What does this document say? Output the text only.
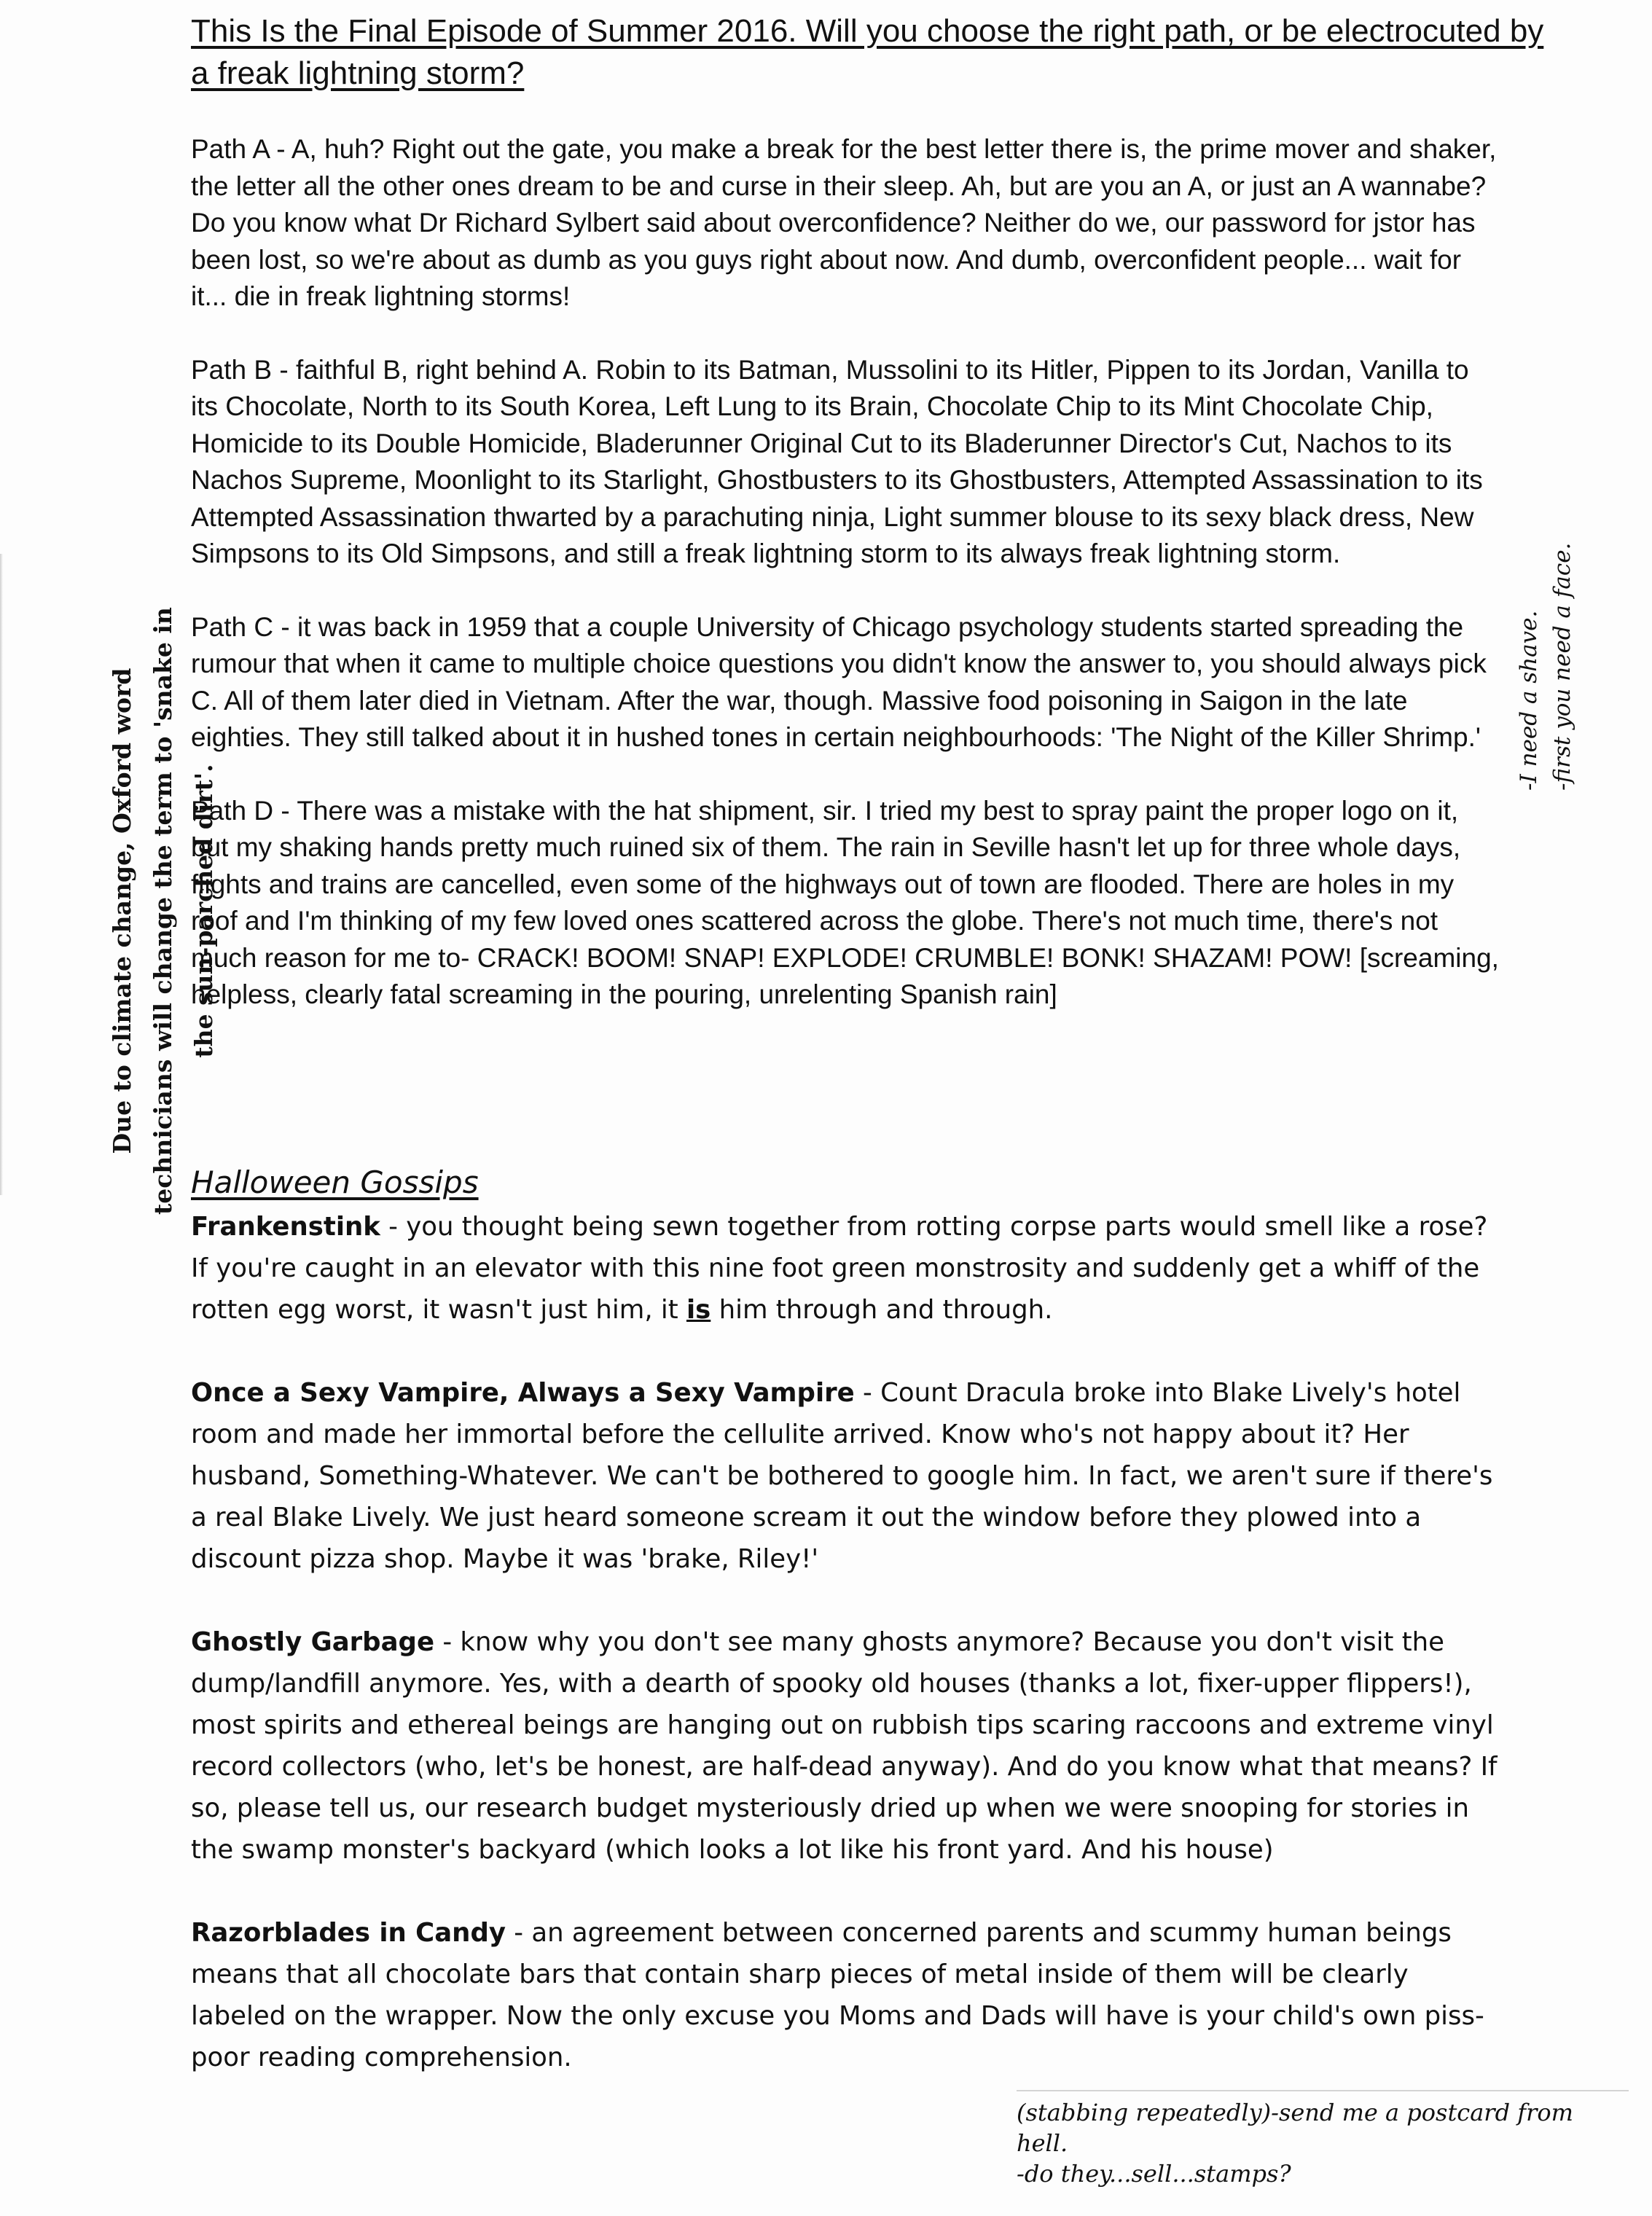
This Is the Final Episode of Summer 2016. Will you choose the right path, or be electrocuted by a freak lightning storm?

Path A - A, huh? Right out the gate, you make a break for the best letter there is, the prime mover and shaker, the letter all the other ones dream to be and curse in their sleep. Ah, but are you an A, or just an A wannabe? Do you know what Dr Richard Sylbert said about overconfidence? Neither do we, our password for jstor has been lost, so we're about as dumb as you guys right about now. And dumb, overconfident people... wait for it... die in freak lightning storms!

Path B - faithful B, right behind A. Robin to its Batman, Mussolini to its Hitler, Pippen to its Jordan, Vanilla to its Chocolate, North to its South Korea, Left Lung to its Brain, Chocolate Chip to its Mint Chocolate Chip, Homicide to its Double Homicide, Bladerunner Original Cut to its Bladerunner Director's Cut, Nachos to its Nachos Supreme, Moonlight to its Starlight, Ghostbusters to its Ghostbusters, Attempted Assassination to its Attempted Assassination thwarted by a parachuting ninja, Light summer blouse to its sexy black dress, New Simpsons to its Old Simpsons, and still a freak lightning storm to its always freak lightning storm.

Path C - it was back in 1959 that a couple University of Chicago psychology students started spreading the rumour that when it came to multiple choice questions you didn't know the answer to, you should always pick C. All of them later died in Vietnam. After the war, though. Massive food poisoning in Saigon in the late eighties. They still talked about it in hushed tones in certain neighbourhoods: 'The Night of the Killer Shrimp.'

Path D - There was a mistake with the hat shipment, sir. I tried my best to spray paint the proper logo on it, but my shaking hands pretty much ruined six of them. The rain in Seville hasn't let up for three whole days, flights and trains are cancelled, even some of the highways out of town are flooded. There are holes in my roof and I'm thinking of my few loved ones scattered across the globe. There's not much time, there's not much reason for me to- CRACK! BOOM! SNAP! EXPLODE! CRUMBLE! BONK! SHAZAM! POW! [screaming, helpless, clearly fatal screaming in the pouring, unrelenting Spanish rain]

Halloween Gossips

Frankenstink - you thought being sewn together from rotting corpse parts would smell like a rose? If you're caught in an elevator with this nine foot green monstrosity and suddenly get a whiff of the rotten egg worst, it wasn't just him, it is him through and through.

Once a Sexy Vampire, Always a Sexy Vampire - Count Dracula broke into Blake Lively's hotel room and made her immortal before the cellulite arrived. Know who's not happy about it? Her husband, Something-Whatever. We can't be bothered to google him. In fact, we aren't sure if there's a real Blake Lively. We just heard someone scream it out the window before they plowed into a discount pizza shop. Maybe it was 'brake, Riley!'

Ghostly Garbage - know why you don't see many ghosts anymore? Because you don't visit the dump/landfill anymore. Yes, with a dearth of spooky old houses (thanks a lot, fixer-upper flippers!), most spirits and ethereal beings are hanging out on rubbish tips scaring raccoons and extreme vinyl record collectors (who, let's be honest, are half-dead anyway). And do you know what that means? If so, please tell us, our research budget mysteriously dried up when we were snooping for stories in the swamp monster's backyard (which looks a lot like his front yard. And his house)

Razorblades in Candy - an agreement between concerned parents and scummy human beings means that all chocolate bars that contain sharp pieces of metal inside of them will be clearly labeled on the wrapper. Now the only excuse you Moms and Dads will have is your child's own piss-poor reading comprehension.

Due to climate change, Oxford word technicians will change the term to 'snake in the sun-parched dirt'.
-I need a shave. -first you need a face.
(stabbing repeatedly)-send me a postcard from hell.
-do they...sell...stamps?
